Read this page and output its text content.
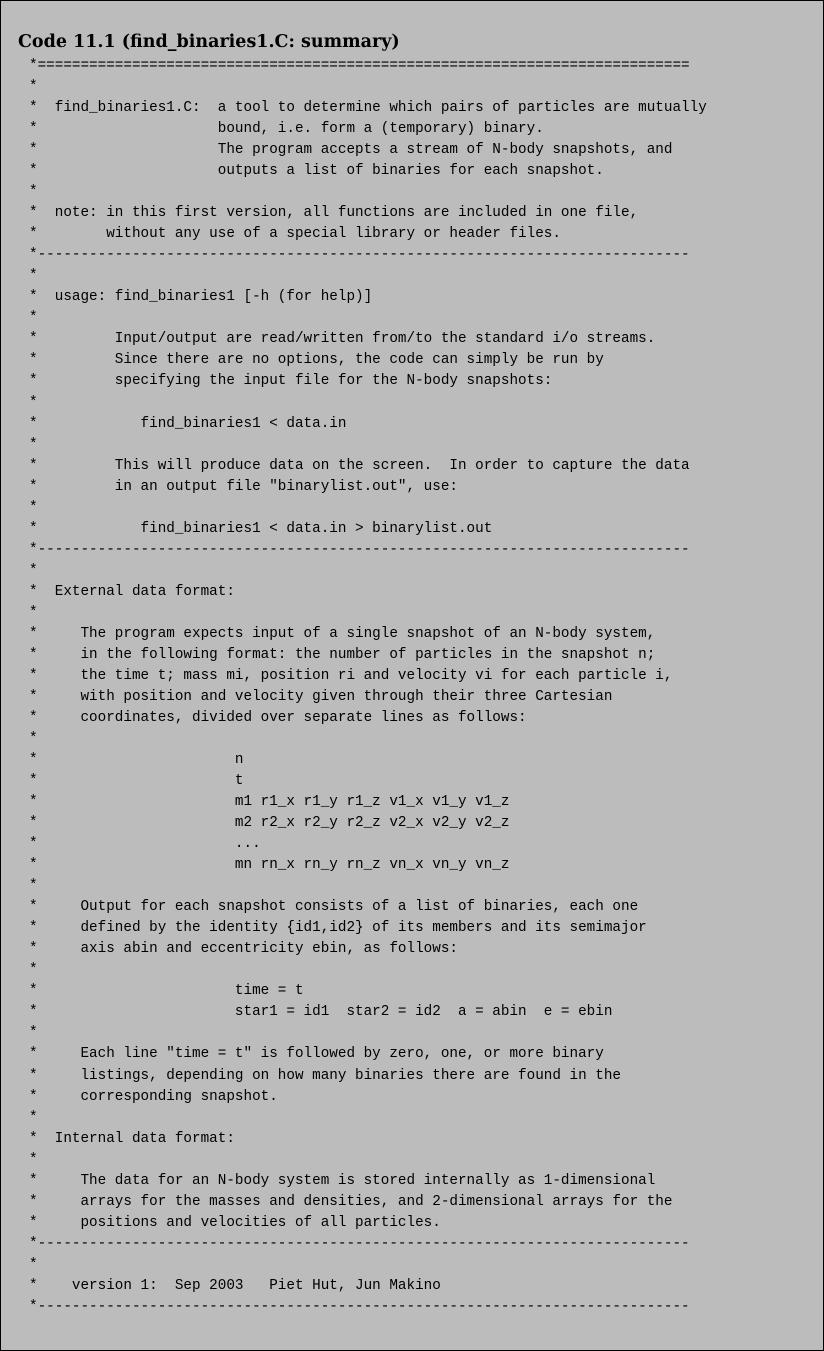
Code 11.1 (find_binaries1.C: summary)
*============================================================================
*
*  find_binaries1.C:  a tool to determine which pairs of particles are mutually
*                     bound, i.e. form a (temporary) binary.
*                     The program accepts a stream of N-body snapshots, and
*                     outputs a list of binaries for each snapshot.
*
*  note: in this first version, all functions are included in one file,
*        without any use of a special library or header files.
*----------------------------------------------------------------------------
*
*  usage: find_binaries1 [-h (for help)]
*
*         Input/output are read/written from/to the standard i/o streams.
*         Since there are no options, the code can simply be run by
*         specifying the input file for the N-body snapshots:
*
*            find_binaries1 < data.in
*
*         This will produce data on the screen.  In order to capture the data
*         in an output file "binarylist.out", use:
*
*            find_binaries1 < data.in > binarylist.out
*----------------------------------------------------------------------------
*
*  External data format:
*
*     The program expects input of a single snapshot of an N-body system,
*     in the following format: the number of particles in the snapshot n;
*     the time t; mass mi, position ri and velocity vi for each particle i,
*     with position and velocity given through their three Cartesian
*     coordinates, divided over separate lines as follows:
*
*                       n
*                       t
*                       m1 r1_x r1_y r1_z v1_x v1_y v1_z
*                       m2 r2_x r2_y r2_z v2_x v2_y v2_z
*                       ...
*                       mn rn_x rn_y rn_z vn_x vn_y vn_z
*
*     Output for each snapshot consists of a list of binaries, each one
*     defined by the identity {id1,id2} of its members and its semimajor
*     axis abin and eccentricity ebin, as follows:
*
*                       time = t
*                       star1 = id1  star2 = id2  a = abin  e = ebin
*
*     Each line "time = t" is followed by zero, one, or more binary
*     listings, depending on how many binaries there are found in the
*     corresponding snapshot.
*
*  Internal data format:
*
*     The data for an N-body system is stored internally as 1-dimensional
*     arrays for the masses and densities, and 2-dimensional arrays for the
*     positions and velocities of all particles.
*----------------------------------------------------------------------------
*
*    version 1:  Sep 2003   Piet Hut, Jun Makino
*----------------------------------------------------------------------------
